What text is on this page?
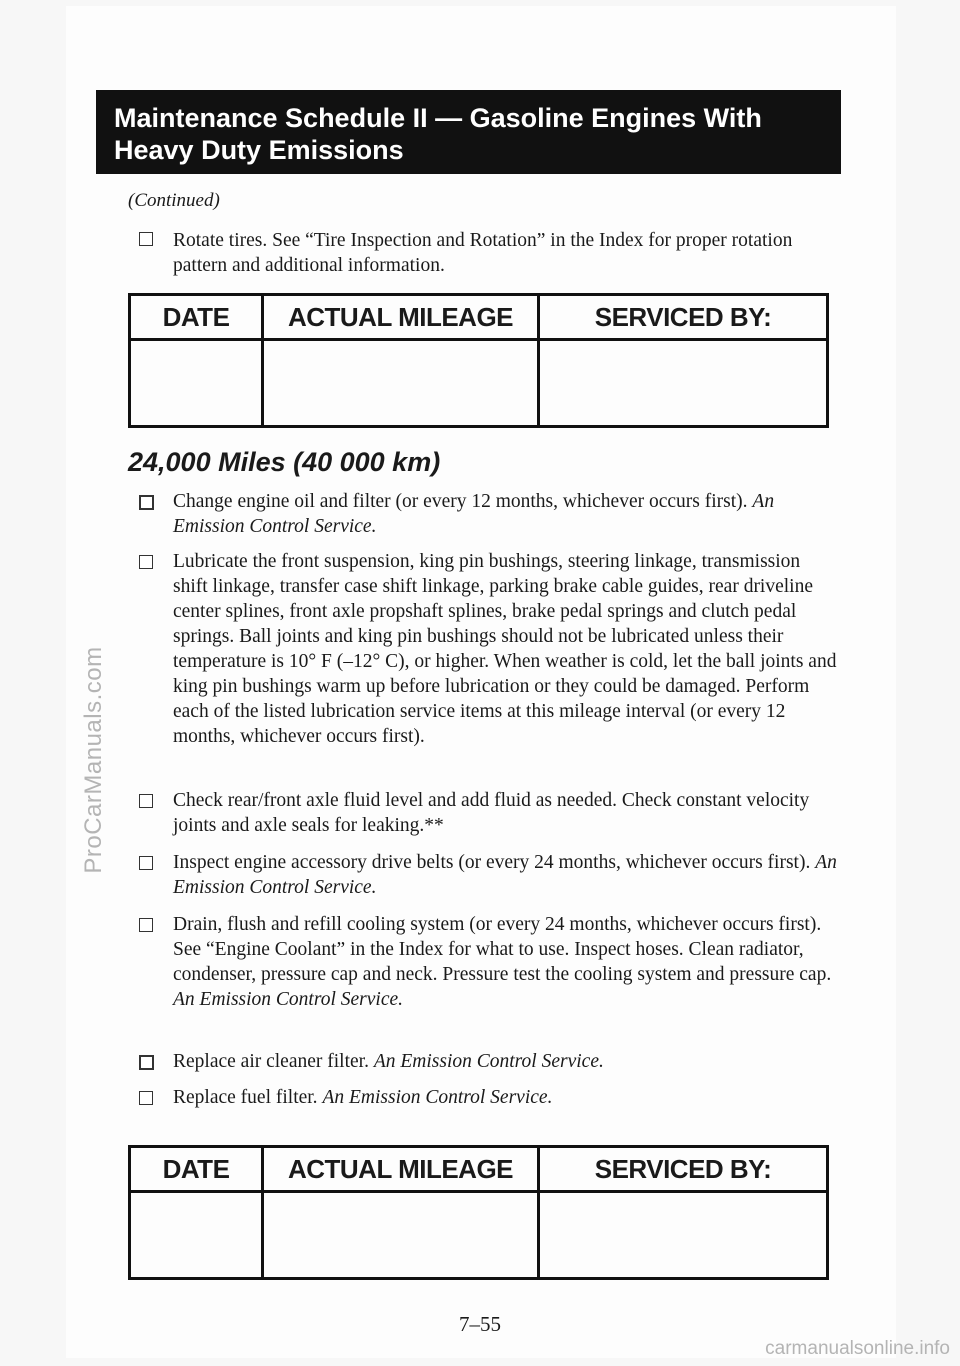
Maintenance Schedule II — Gasoline Engines With
Heavy Duty Emissions
(Continued)
Rotate tires. See “Tire Inspection and Rotation” in the Index for proper rotation pattern and additional information.
DATE	ACTUAL MILEAGE	SERVICED BY:

24,000 Miles (40 000 km)
Change engine oil and filter (or every 12 months, whichever occurs first). An Emission Control Service.
Lubricate the front suspension, king pin bushings, steering linkage, transmission shift linkage, transfer case shift linkage, parking brake cable guides, rear driveline center splines, front axle propshaft splines, brake pedal springs and clutch pedal springs. Ball joints and king pin bushings should not be lubricated unless their temperature is 10° F (–12° C), or higher. When weather is cold, let the ball joints and king pin bushings warm up before lubrication or they could be damaged. Perform each of the listed lubrication service items at this mileage interval (or every 12 months, whichever occurs first).
Check rear/front axle fluid level and add fluid as needed. Check constant velocity joints and axle seals for leaking.**
Inspect engine accessory drive belts (or every 24 months, whichever occurs first). An Emission Control Service.
Drain, flush and refill cooling system (or every 24 months, whichever occurs first). See “Engine Coolant” in the Index for what to use. Inspect hoses. Clean radiator, condenser, pressure cap and neck. Pressure test the cooling system and pressure cap. An Emission Control Service.
Replace air cleaner filter. An Emission Control Service.
Replace fuel filter. An Emission Control Service.
DATE	ACTUAL MILEAGE	SERVICED BY:

ProCarManuals.com
7–55
carmanualsonline.info
